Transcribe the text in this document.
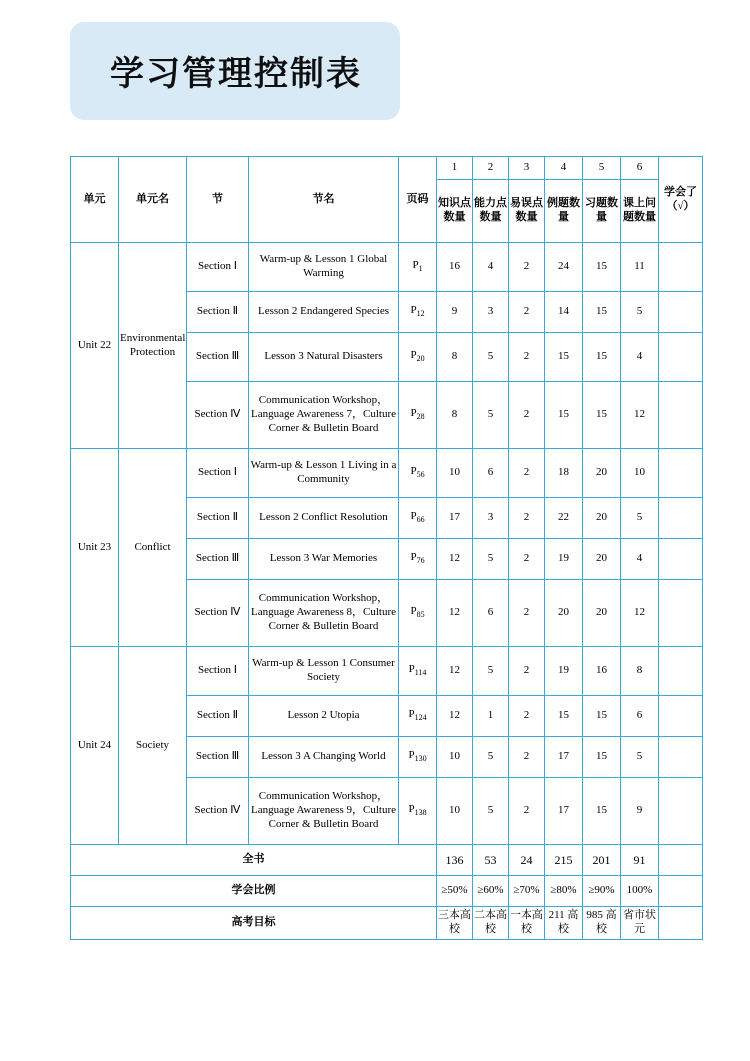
学习管理控制表
单元	单元名	节	节名	页码	1	2	3	4	5	6	学会了（√）
					知识点数量	能力点数量	易误点数量	例题数量	习题数量	课上问题数量	
Unit 22	Environmental Protection	Section Ⅰ	Warm-up & Lesson 1 Global Warming	$P_1$	16	4	2	24	15	11	
		Section Ⅱ	Lesson 2 Endangered Species	$P_{12}$	9	3	2	14	15	5	
		Section Ⅲ	Lesson 3 Natural Disasters	$P_{20}$	8	5	2	15	15	4	
		Section Ⅳ	Communication Workshop，Language Awareness 7，Culture Corner & Bulletin Board	$P_{28}$	8	5	2	15	15	12	
Unit 23	Conflict	Section Ⅰ	Warm-up & Lesson 1 Living in a Community	$P_{56}$	10	6	2	18	20	10	
		Section Ⅱ	Lesson 2 Conflict Resolution	$P_{66}$	17	3	2	22	20	5	
		Section Ⅲ	Lesson 3 War Memories	$P_{76}$	12	5	2	19	20	4	
		Section Ⅳ	Communication Workshop，Language Awareness 8，Culture Corner & Bulletin Board	$P_{85}$	12	6	2	20	20	12	
Unit 24	Society	Section Ⅰ	Warm-up & Lesson 1 Consumer Society	$P_{114}$	12	5	2	19	16	8	
		Section Ⅱ	Lesson 2 Utopia	$P_{124}$	12	1	2	15	15	6	
		Section Ⅲ	Lesson 3 A Changing World	$P_{130}$	10	5	2	17	15	5	
		Section Ⅳ	Communication Workshop，Language Awareness 9，Culture Corner & Bulletin Board	$P_{138}$	10	5	2	17	15	9	
全书					136	53	24	215	201	91	
学会比例					≥50%	≥60%	≥70%	≥80%	≥90%	100%	
高考目标					三本高校	二本高校	一本高校	211 高校	985 高校	省市状元	
